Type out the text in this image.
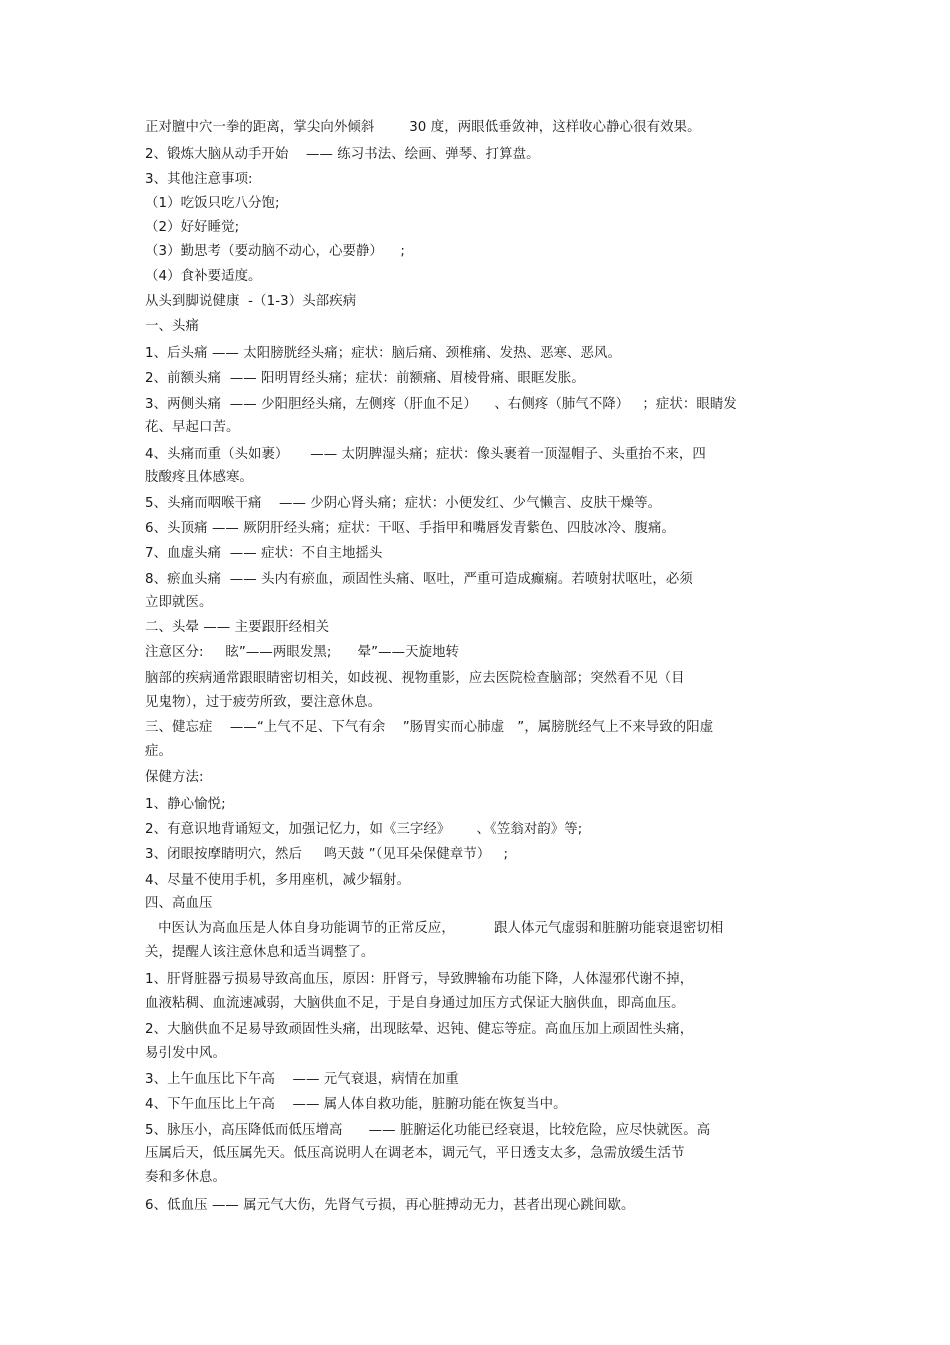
正对膻中穴一拳的距离，掌尖向外倾斜        30 度，两眼低垂敛神，这样收心静心很有效果。
2、锻炼大脑从动手开始    —— 练习书法、绘画、弹琴、打算盘。
3、其他注意事项:
（1）吃饭只吃八分饱;
（2）好好睡觉;
（3）勤思考（要动脑不动心，心要静）    ;
（4）食补要适度。
从头到脚说健康  -（1-3）头部疾病
一、头痛
1、后头痛 —— 太阳膀胱经头痛；症状：脑后痛、颈椎痛、发热、恶寒、恶风。
2、前额头痛  —— 阳明胃经头痛；症状：前额痛、眉棱骨痛、眼眶发胀。
3、两侧头痛  —— 少阳胆经头痛，左侧疼（肝血不足）    、右侧疼（肺气不降）   ；症状：眼睛发
花、早起口苦。
4、头痛而重（头如裹）     —— 太阴脾湿头痛；症状：像头裹着一顶湿帽子、头重抬不来，四
肢酸疼且体感寒。
5、头痛而咽喉干痛    —— 少阴心肾头痛；症状：小便发红、少气懒言、皮肤干燥等。
6、头顶痛 —— 厥阴肝经头痛；症状：干呕、手指甲和嘴唇发青紫色、四肢冰冷、腹痛。
7、血虚头痛  —— 症状：不自主地摇头
8、瘀血头痛  —— 头内有瘀血，顽固性头痛、呕吐，严重可造成癫痫。若喷射状呕吐，必须
立即就医。
二、头晕 —— 主要跟肝经相关
注意区分:     眩”——两眼发黑;      晕”——天旋地转
脑部的疾病通常跟眼睛密切相关，如歧视、视物重影，应去医院检查脑部；突然看不见（目
见鬼物），过于疲劳所致，要注意休息。
三、健忘症    ——“上气不足、下气有余    ”肠胃实而心肺虚   ”，属膀胱经气上不来导致的阳虚
症。
保健方法:
1、静心愉悦;
2、有意识地背诵短文，加强记忆力，如《三字经》      、《笠翁对韵》等;
3、闭眼按摩睛明穴，然后     鸣天鼓 ”（见耳朵保健章节）   ;
4、尽量不使用手机，多用座机，减少辐射。
四、高血压
中医认为高血压是人体自身功能调节的正常反应，         跟人体元气虚弱和脏腑功能衰退密切相
关，提醒人该注意休息和适当调整了。
1、肝肾脏器亏损易导致高血压，原因：肝肾亏，导致脾输布功能下降，人体湿邪代谢不掉，
血液粘稠、血流速减弱，大脑供血不足，于是自身通过加压方式保证大脑供血，即高血压。
2、大脑供血不足易导致顽固性头痛，出现眩晕、迟钝、健忘等症。高血压加上顽固性头痛，
易引发中风。
3、上午血压比下午高    —— 元气衰退，病情在加重
4、下午血压比上午高    —— 属人体自救功能，脏腑功能在恢复当中。
5、脉压小，高压降低而低压增高      —— 脏腑运化功能已经衰退，比较危险，应尽快就医。高
压属后天，低压属先天。低压高说明人在调老本，调元气，平日透支太多，急需放缓生活节
奏和多休息。
6、低血压 —— 属元气大伤，先肾气亏损，再心脏搏动无力，甚者出现心跳间歇。
